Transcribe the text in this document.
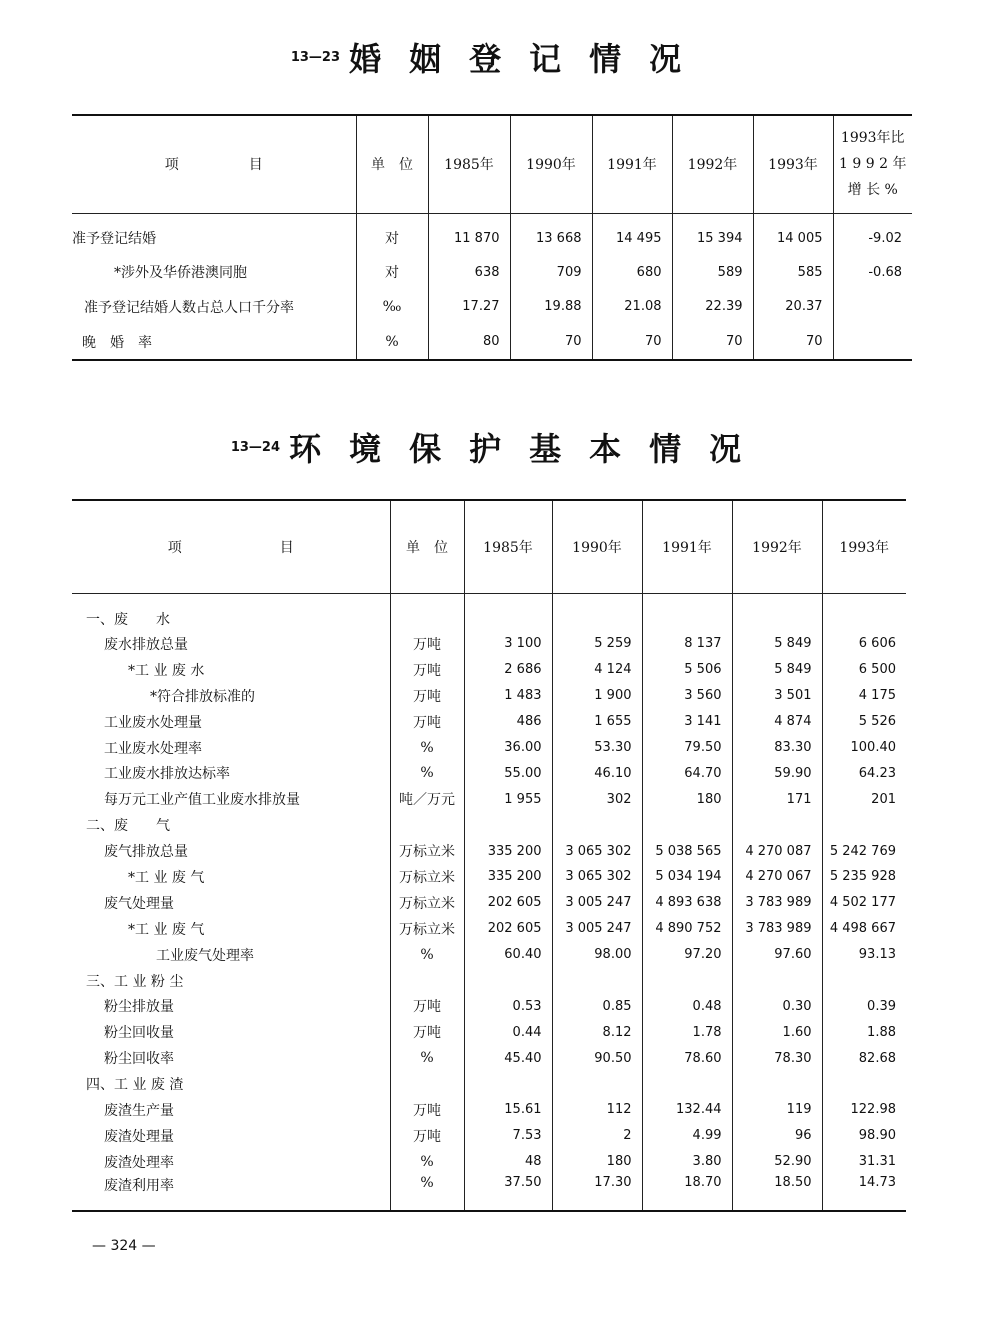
13—23 婚姻登记情况
项　　　　　目	单　位	1985年	1990年	1991年	1992年	1993年	1993年比
1 9 9 2 年
增 长 %

准予登记结婚	对	11 870	13 668	14 495	15 394	14 005	-9.02
*涉外及华侨港澳同胞	对	638	709	680	589	585	-0.68
准予登记结婚人数占总人口千分率	‰	17.27	19.88	21.08	22.39	20.37	
晚　婚　率	%	80	70	70	70	70	
13—24 环境保护基本情况
项　　　　　　　目	单　位	1985年	1990年	1991年	1992年	1993年
一、废　　水						
废水排放总量	万吨	3 100	5 259	8 137	5 849	6 606
*工 业 废 水	万吨	2 686	4 124	5 506	5 849	6 500
*符合排放标准的	万吨	1 483	1 900	3 560	3 501	4 175
工业废水处理量	万吨	486	1 655	3 141	4 874	5 526
工业废水处理率	%	36.00	53.30	79.50	83.30	100.40
工业废水排放达标率	%	55.00	46.10	64.70	59.90	64.23
每万元工业产值工业废水排放量	吨／万元	1 955	302	180	171	201
二、废　　气						
废气排放总量	万标立米	335 200	3 065 302	5 038 565	4 270 087	5 242 769
*工 业 废 气	万标立米	335 200	3 065 302	5 034 194	4 270 067	5 235 928
废气处理量	万标立米	202 605	3 005 247	4 893 638	3 783 989	4 502 177
*工 业 废 气	万标立米	202 605	3 005 247	4 890 752	3 783 989	4 498 667
工业废气处理率	%	60.40	98.00	97.20	97.60	93.13
三、工 业 粉 尘						
粉尘排放量	万吨	0.53	0.85	0.48	0.30	0.39
粉尘回收量	万吨	0.44	8.12	1.78	1.60	1.88
粉尘回收率	%	45.40	90.50	78.60	78.30	82.68
四、工 业 废 渣						
废渣生产量	万吨	15.61	112	132.44	119	122.98
废渣处理量	万吨	7.53	2	4.99	96	98.90
废渣处理率	%	48	180	3.80	52.90	31.31
废渣利用率	%	37.50	17.30	18.70	18.50	14.73
— 324 —
